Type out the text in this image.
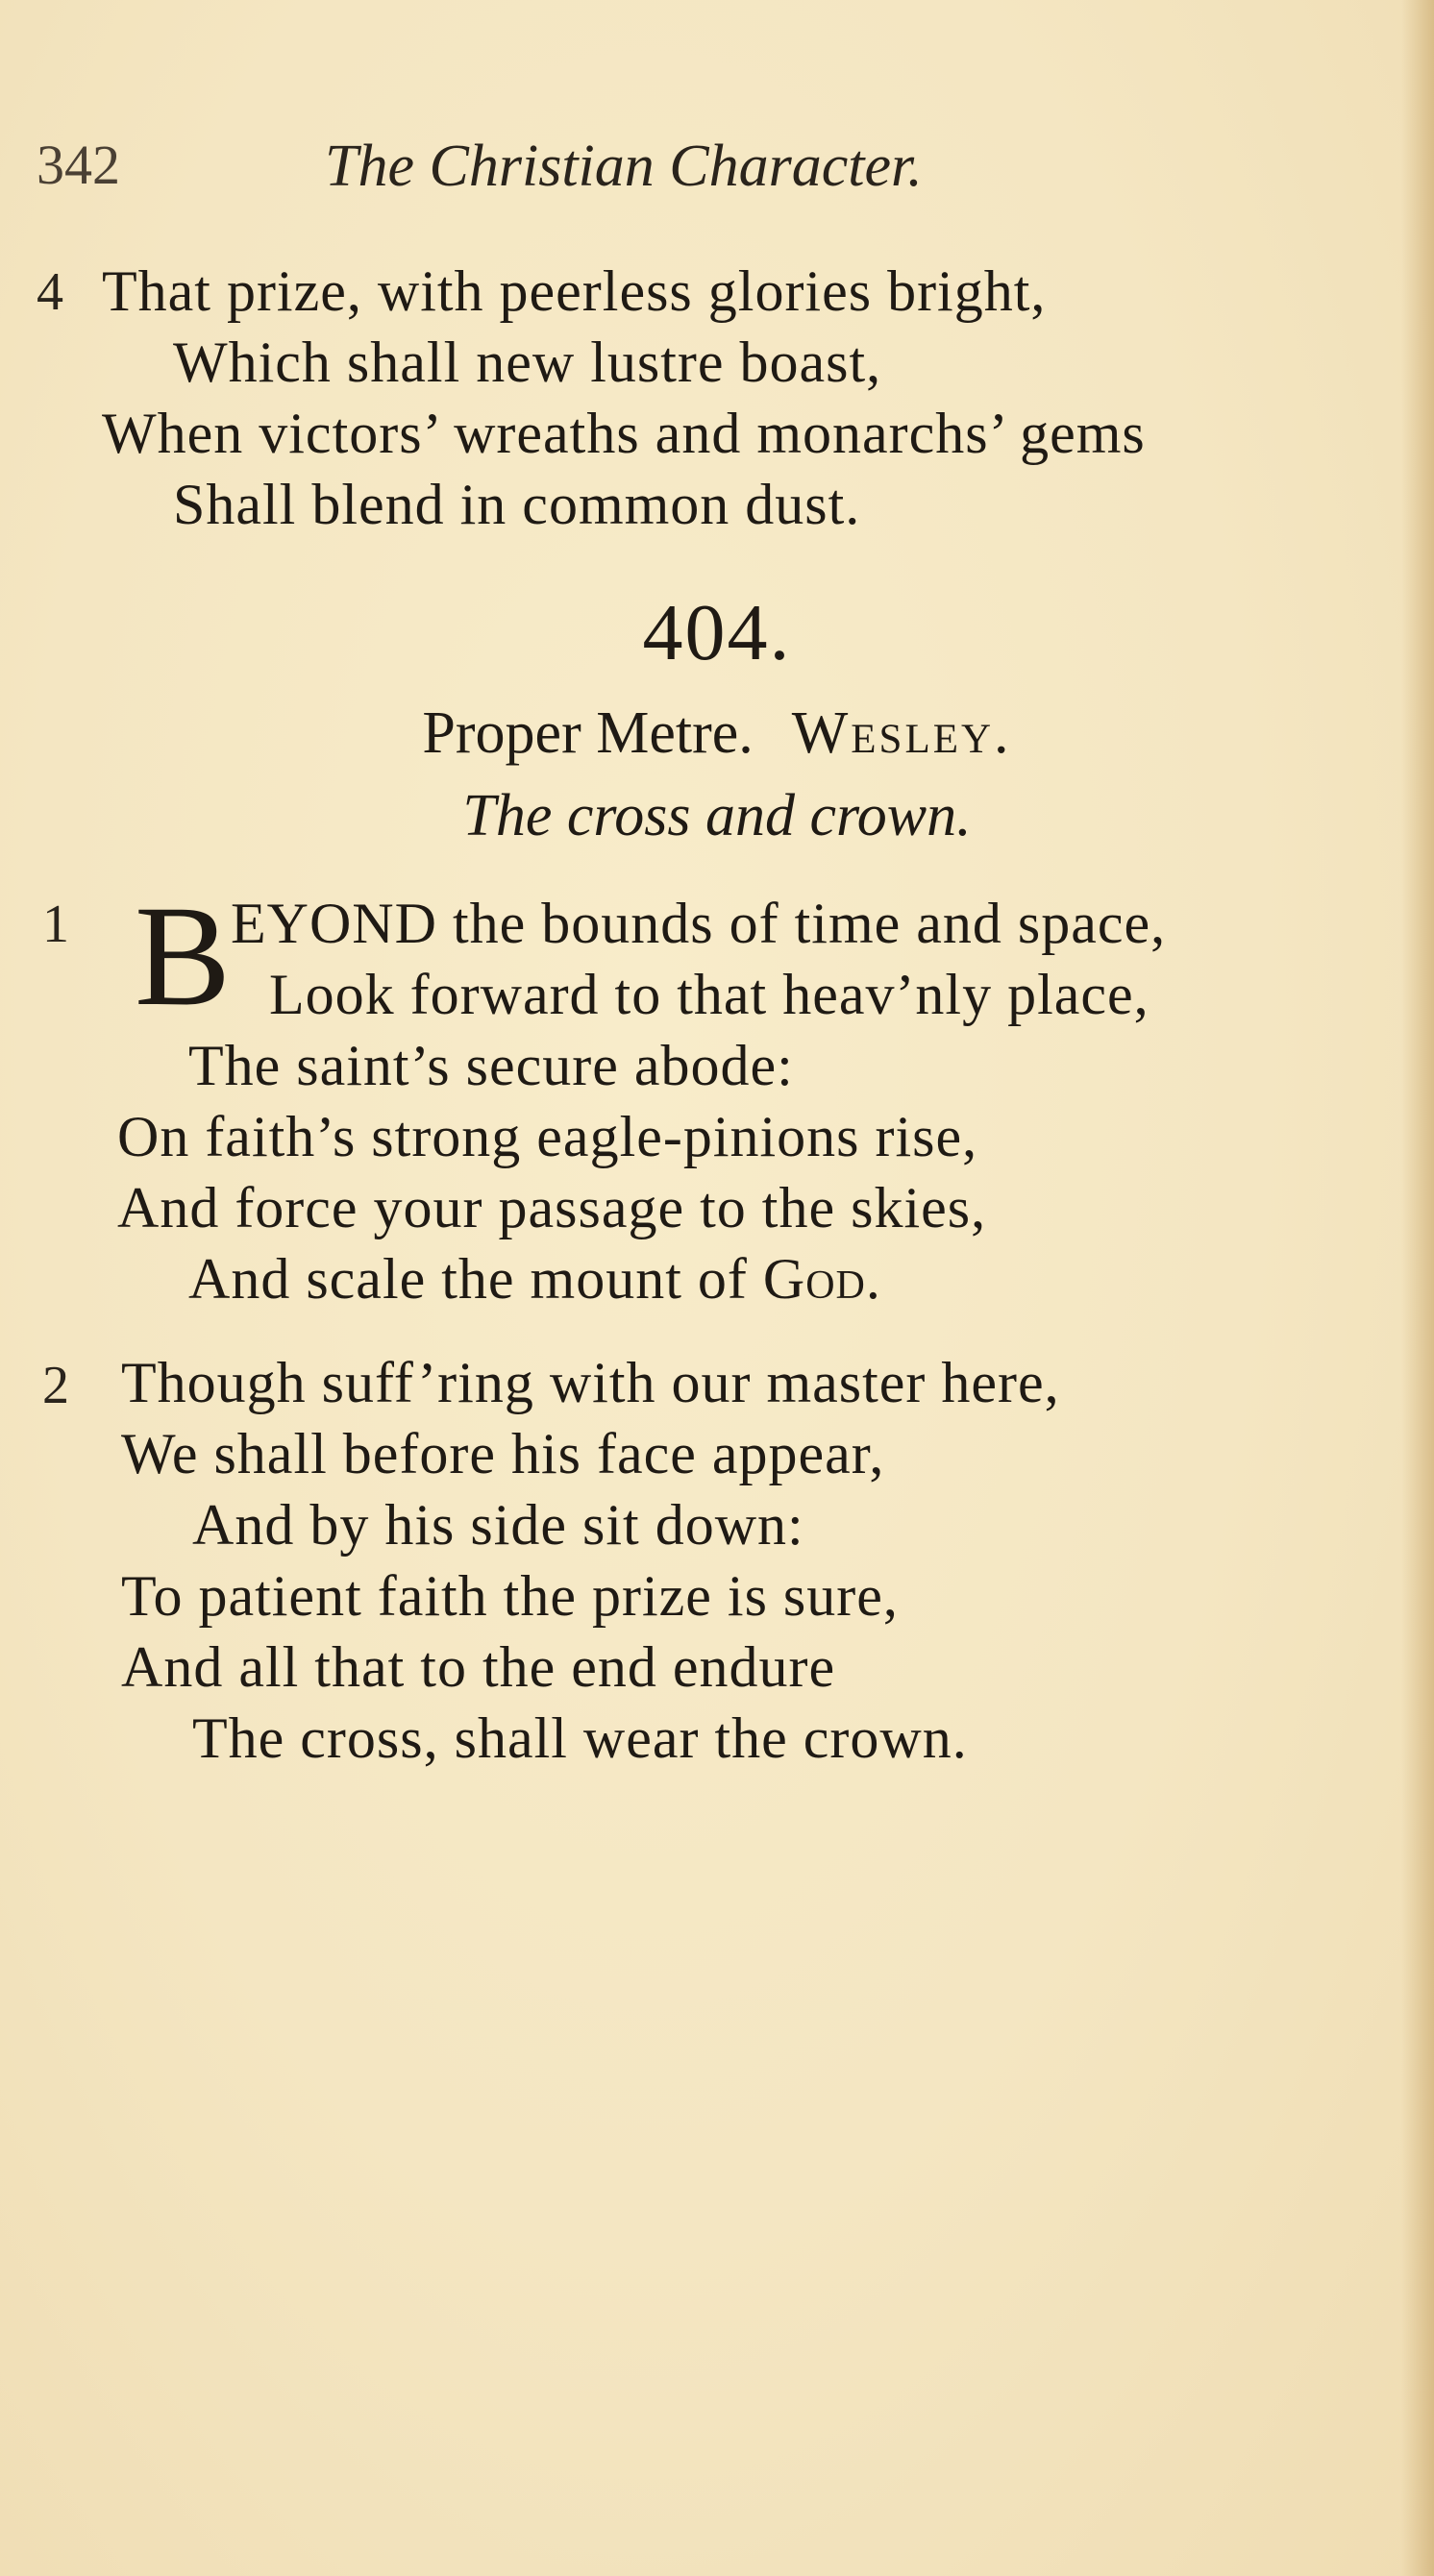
342	The Christian Character.
4 That prize, with peerless glories bright,
Which shall new lustre boast,
When victors’ wreaths and monarchs’ gems
Shall blend in common dust.
404.
Proper Metre. Wesley.
The cross and crown.
1 B EYOND the bounds of time and space,
Look forward to that heav’nly place,
The saint’s secure abode:
On faith’s strong eagle-pinions rise,
And force your passage to the skies,
And scale the mount of God.
2 Though suff’ring with our master here,
We shall before his face appear,
And by his side sit down:
To patient faith the prize is sure,
And all that to the end endure
The cross, shall wear the crown.
